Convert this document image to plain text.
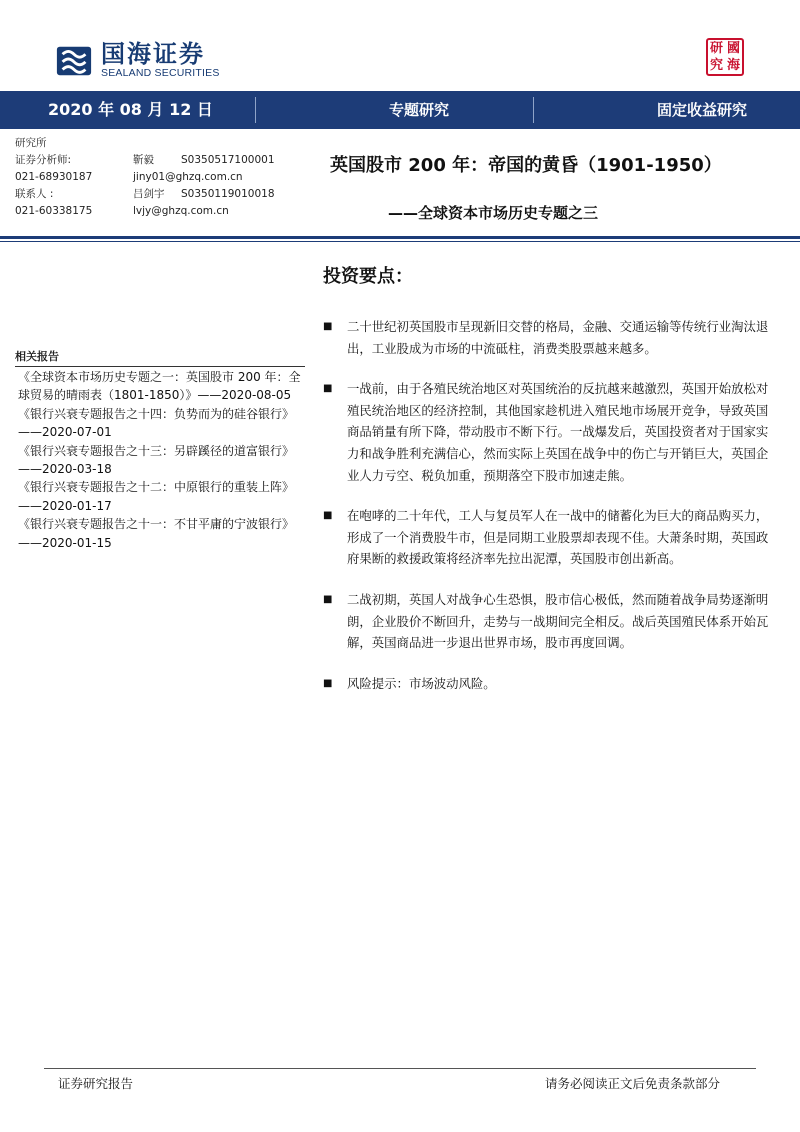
国海证券
SEALAND SECURITIES
研 國
究 海
2020 年 08 月 12 日	专题研究	固定收益研究
研究所
证券分析师:	靳毅	S0350517100001
021-68930187	jiny01@ghzq.com.cn
联系人 :	吕剑宇	S0350119010018
021-60338175	lvjy@ghzq.com.cn
英国股市 200 年：帝国的黄昏（1901-1950）
——全球资本市场历史专题之三
相关报告
《全球资本市场历史专题之一：英国股市 200 年：全球贸易的晴雨表（1801-1850）》——2020-08-05
《银行兴衰专题报告之十四：负势而为的硅谷银行》——2020-07-01
《银行兴衰专题报告之十三：另辟蹊径的道富银行》——2020-03-18
《银行兴衰专题报告之十二：中原银行的重装上阵》——2020-01-17
《银行兴衰专题报告之十一：不甘平庸的宁波银行》——2020-01-15
投资要点：
■	二十世纪初英国股市呈现新旧交替的格局，金融、交通运输等传统行业淘汰退出，工业股成为市场的中流砥柱，消费类股票越来越多。
■	一战前，由于各殖民统治地区对英国统治的反抗越来越激烈，英国开始放松对殖民统治地区的经济控制，其他国家趁机进入殖民地市场展开竞争，导致英国商品销量有所下降，带动股市不断下行。一战爆发后，英国投资者对于国家实力和战争胜利充满信心，然而实际上英国在战争中的伤亡与开销巨大，英国企业人力亏空、税负加重，预期落空下股市加速走熊。
■	在咆哮的二十年代，工人与复员军人在一战中的储蓄化为巨大的商品购买力，形成了一个消费股牛市，但是同期工业股票却表现不佳。大萧条时期，英国政府果断的救援政策将经济率先拉出泥潭，英国股市创出新高。
■	二战初期，英国人对战争心生恐惧，股市信心极低，然而随着战争局势逐渐明朗，企业股价不断回升，走势与一战期间完全相反。战后英国殖民体系开始瓦解，英国商品进一步退出世界市场，股市再度回调。
■	风险提示：市场波动风险。
证券研究报告	请务必阅读正文后免责条款部分
